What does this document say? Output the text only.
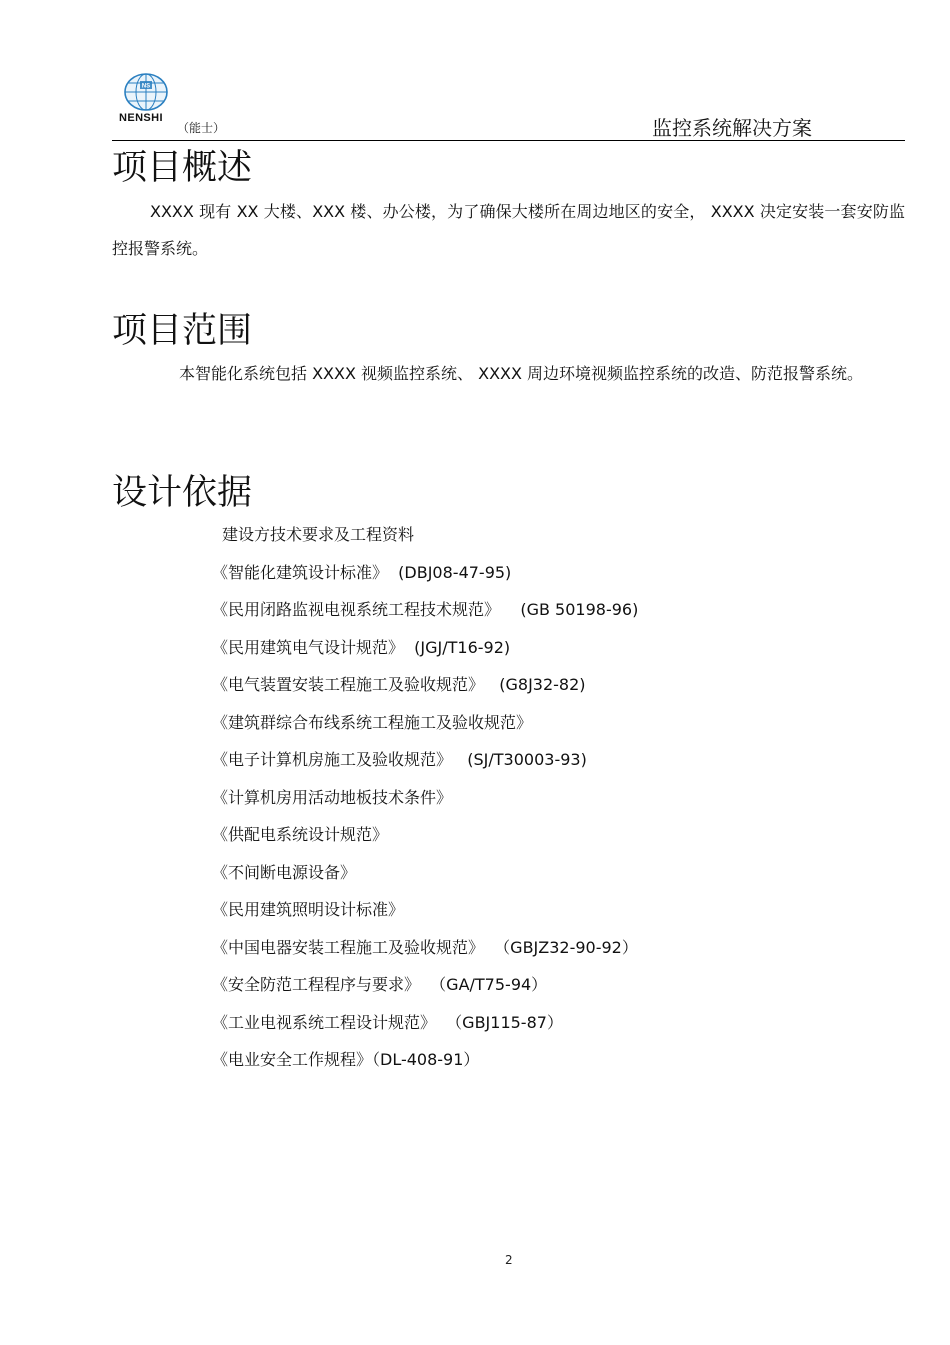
NS
NENSHI
（能士）	监控系统解决方案
项目概述

XXXX 现有 XX 大楼、XXX 楼、办公楼，为了确保大楼所在周边地区的安全， XXXX 决定安装一套安防监控报警系统。

项目范围

本智能化系统包括 XXXX 视频监控系统、 XXXX 周边环境视频监控系统的改造、防范报警系统。

设计依据
建设方技术要求及工程资料
《智能化建筑设计标准》  (DBJ08-47-95)
《民用闭路监视电视系统工程技术规范》    (GB 50198-96)
《民用建筑电气设计规范》  (JGJ/T16-92)
《电气装置安装工程施工及验收规范》   (G8J32-82)
《建筑群综合布线系统工程施工及验收规范》
《电子计算机房施工及验收规范》   (SJ/T30003-93)
《计算机房用活动地板技术条件》
《供配电系统设计规范》
《不间断电源设备》
《民用建筑照明设计标准》
《中国电器安装工程施工及验收规范》  （GBJZ32-90-92）
《安全防范工程程序与要求》  （GA/T75-94）
《工业电视系统工程设计规范》  （GBJ115-87）
《电业安全工作规程》（DL-408-91）
2
